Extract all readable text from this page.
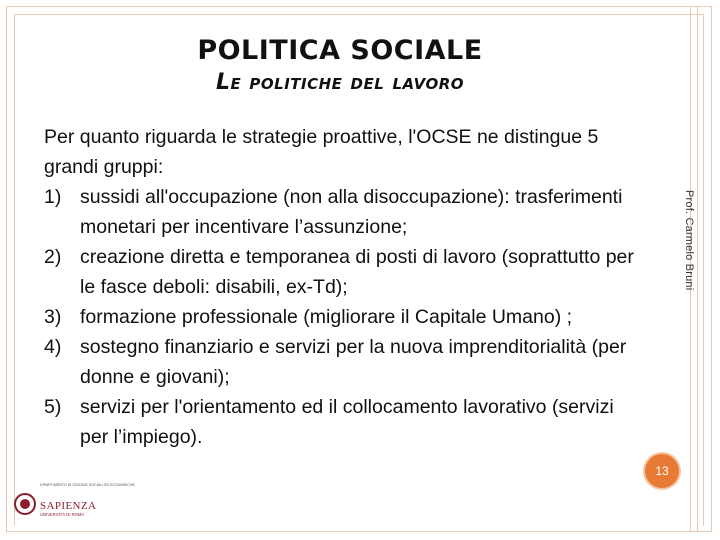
POLITICA SOCIALE
Le politiche del lavoro

Per quanto riguarda le strategie proattive, l'OCSE ne distingue 5 grandi gruppi:

1) sussidi all'occupazione (non alla disoccupazione): trasferimenti monetari per incentivare l’assunzione;
2) creazione diretta e temporanea di posti di lavoro (soprattutto per le fasce deboli: disabili, ex-Td);
3) formazione professionale (migliorare il Capitale Umano) ;
4) sostegno finanziario e servizi per la nuova imprenditorialità (per donne e giovani);
5) servizi per l'orientamento ed il collocamento lavorativo (servizi per l’impiego).
Prof. Carmelo Bruni
13
DIPARTIMENTO DI SCIENZE SOCIALI ED ECONOMICHE
SAPIENZA
UNIVERSITÀ DI ROMA
